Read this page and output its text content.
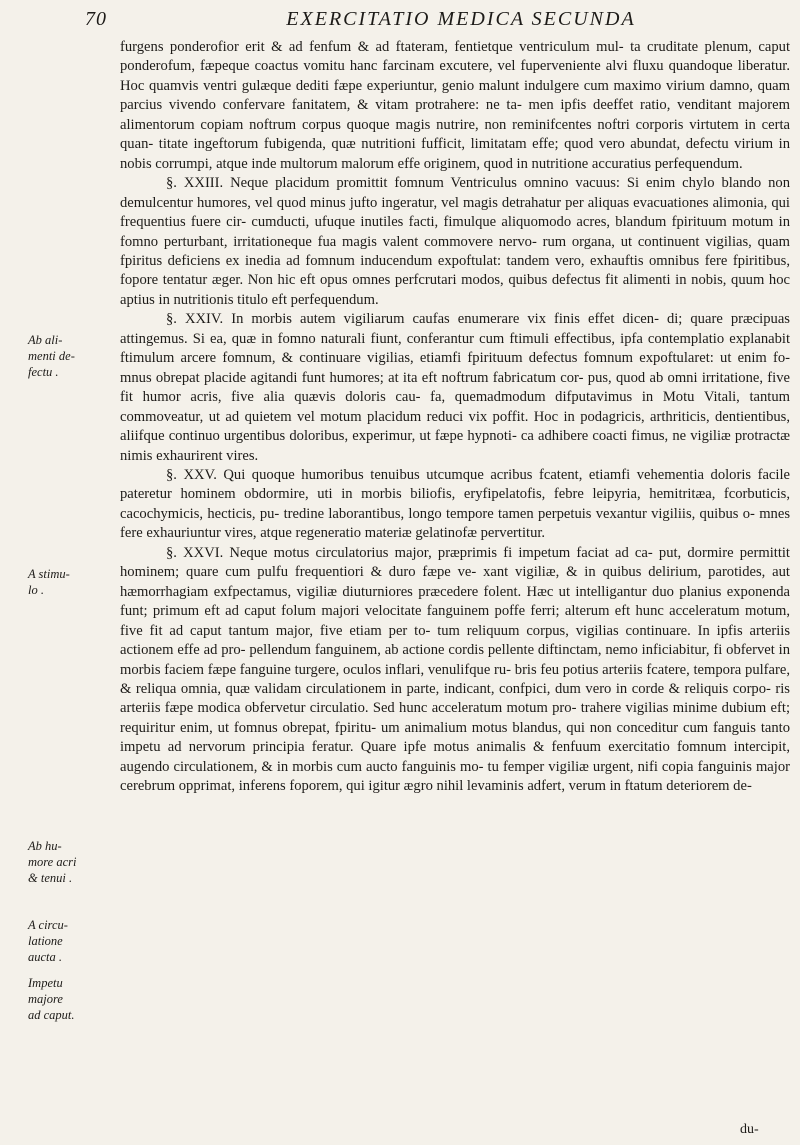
70	EXERCITATIO MEDICA SECUNDA
Ab ali-
menti de-
fectu .
A stimu-
lo .
Ab hu-
more acri
& tenui .
A circu-
latione
aucta .
Impetu
majore
ad caput.

furgens ponderofior erit & ad fenfum & ad ftateram, fentietque ventriculum mul- ta cruditate plenum, caput ponderofum, fæpeque coactus vomitu hanc farcinam excutere, vel fuperveniente alvi fluxu quandoque liberatur. Hoc quamvis ventri gulæque dediti fæpe experiuntur, genio malunt indulgere cum maximo virium damno, quam parcius vivendo confervare fanitatem, & vitam protrahere: ne ta- men ipfis deeffet ratio, venditant majorem alimentorum copiam noftrum corpus quoque magis nutrire, non reminifcentes noftri corporis virtutem in certa quan- titate ingeftorum fubigenda, quæ nutritioni fufficit, limitatam effe; quod vero abundat, defectu virium in nobis corrumpi, atque inde multorum malorum effe originem, quod in nutritione accuratius perfequendum.

§. XXIII. Neque placidum promittit fomnum Ventriculus omnino vacuus: Si enim chylo blando non demulcentur humores, vel quod minus jufto ingeratur, vel magis detrahatur per aliquas evacuationes alimonia, qui frequentius fuere cir- cumducti, ufuque inutiles facti, fimulque aliquomodo acres, blandum fpirituum motum in fomno perturbant, irritationeque fua magis valent commovere nervo- rum organa, ut continuent vigilias, quam fpiritus deficiens ex inedia ad fomnum inducendum expoftulat: tandem vero, exhauftis omnibus fere fpiritibus, fopore tentatur æger. Non hic eft opus omnes perfcrutari modos, quibus defectus fit alimenti in nobis, quum hoc aptius in nutritionis titulo eft perfequendum.

§. XXIV. In morbis autem vigiliarum caufas enumerare vix finis effet dicen- di; quare præcipuas attingemus. Si ea, quæ in fomno naturali fiunt, conferantur cum ftimuli effectibus, ipfa contemplatio explanabit ftimulum arcere fomnum, & continuare vigilias, etiamfi fpirituum defectus fomnum expoftularet: ut enim fo- mnus obrepat placide agitandi funt humores; at ita eft noftrum fabricatum cor- pus, quod ab omni irritatione, five fit humor acris, five alia quævis doloris cau- fa, quemadmodum difputavimus in Motu Vitali, tantum commoveatur, ut ad quietem vel motum placidum reduci vix poffit. Hoc in podagricis, arthriticis, dentientibus, aliifque continuo urgentibus doloribus, experimur, ut fæpe hypnoti- ca adhibere coacti fimus, ne vigiliæ protractæ nimis exhaurirent vires.

§. XXV. Qui quoque humoribus tenuibus utcumque acribus fcatent, etiamfi vehementia doloris facile pateretur hominem obdormire, uti in morbis biliofis, eryfipelatofis, febre leipyria, hemitritæa, fcorbuticis, cacochymicis, hecticis, pu- tredine laborantibus, longo tempore tamen perpetuis vexantur vigiliis, quibus o- mnes fere exhauriuntur vires, atque regeneratio materiæ gelatinofæ pervertitur.

§. XXVI. Neque motus circulatorius major, præprimis fi impetum faciat ad ca- put, dormire permittit hominem; quare cum pulfu frequentiori & duro fæpe ve- xant vigiliæ, & in quibus delirium, parotides, aut hæmorrhagiam exfpectamus, vigiliæ diuturniores præcedere folent. Hæc ut intelligantur duo planius exponenda funt; primum eft ad caput folum majori velocitate fanguinem poffe ferri; alterum eft hunc acceleratum motum, five fit ad caput tantum major, five etiam per to- tum reliquum corpus, vigilias continuare. In ipfis arteriis actionem effe ad pro- pellendum fanguinem, ab actione cordis pellente diftinctam, nemo inficiabitur, fi obfervet in morbis faciem fæpe fanguine turgere, oculos inflari, venulifque ru- bris feu potius arteriis fcatere, tempora pulfare, & reliqua omnia, quæ validam circulationem in parte, indicant, confpici, dum vero in corde & reliquis corpo- ris arteriis fæpe modica obfervetur circulatio. Sed hunc acceleratum motum pro- trahere vigilias minime dubium eft; requiritur enim, ut fomnus obrepat, fpiritu- um animalium motus blandus, qui non conceditur cum fanguis tanto impetu ad nervorum principia feratur. Quare ipfe motus animalis & fenfuum exercitatio fomnum intercipit, augendo circulationem, & in morbis cum aucto fanguinis mo- tu femper vigiliæ urgent, nifi copia fanguinis major cerebrum opprimat, inferens foporem, qui igitur ægro nihil levaminis adfert, verum in ftatum deteriorem de-

du-
